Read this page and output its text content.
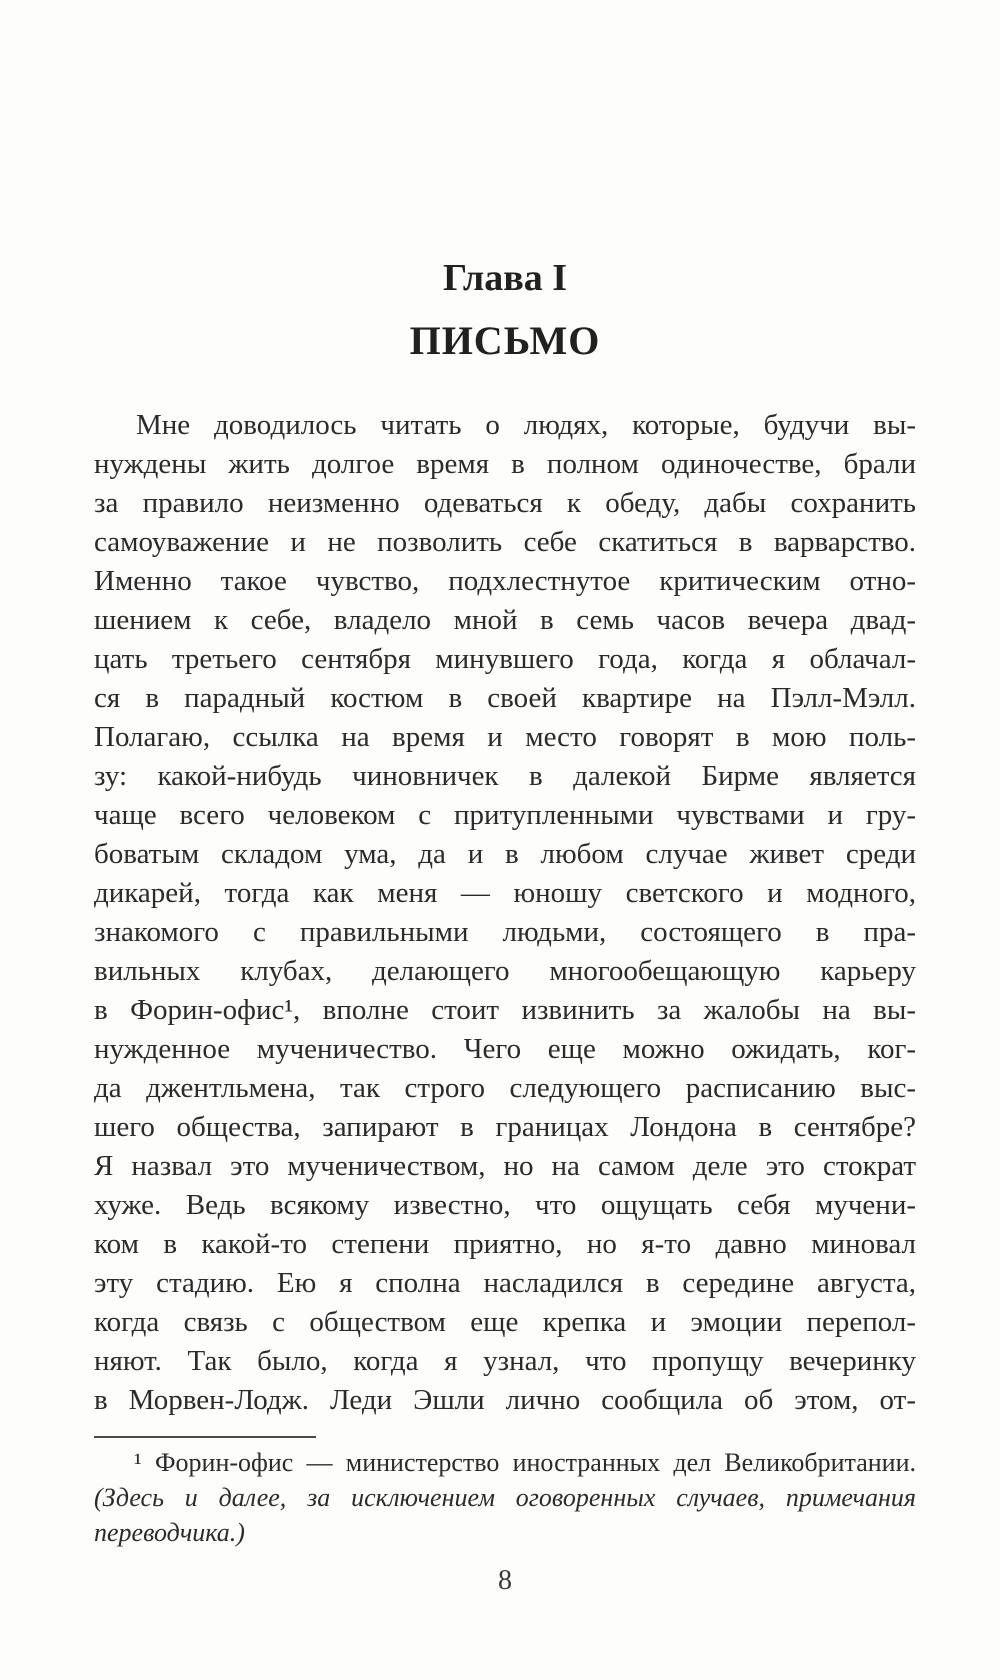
Глава I
ПИСЬМО
Мне доводилось читать о людях, которые, будучи вы-
нуждены жить долгое время в полном одиночестве, брали
за правило неизменно одеваться к обеду, дабы сохранить
самоуважение и не позволить себе скатиться в варварство.
Именно такое чувство, подхлестнутое критическим отно-
шением к себе, владело мной в семь часов вечера двад-
цать третьего сентября минувшего года, когда я облачал-
ся в парадный костюм в своей квартире на Пэлл-Мэлл.
Полагаю, ссылка на время и место говорят в мою поль-
зу: какой-нибудь чиновничек в далекой Бирме является
чаще всего человеком с притупленными чувствами и гру-
боватым складом ума, да и в любом случае живет среди
дикарей, тогда как меня — юношу светского и модного,
знакомого с правильными людьми, состоящего в пра-
вильных клубах, делающего многообещающую карьеру
в Форин-офис¹, вполне стоит извинить за жалобы на вы-
нужденное мученичество. Чего еще можно ожидать, ког-
да джентльмена, так строго следующего расписанию выс-
шего общества, запирают в границах Лондона в сентябре?
Я назвал это мученичеством, но на самом деле это стократ
хуже. Ведь всякому известно, что ощущать себя мучени-
ком в какой-то степени приятно, но я-то давно миновал
эту стадию. Ею я сполна насладился в середине августа,
когда связь с обществом еще крепка и эмоции перепол-
няют. Так было, когда я узнал, что пропущу вечеринку
в Морвен-Лодж. Леди Эшли лично сообщила об этом, от-
¹ Форин-офис — министерство иностранных дел Великобритании.
(Здесь и далее, за исключением оговоренных случаев, примечания
переводчика.)
8
